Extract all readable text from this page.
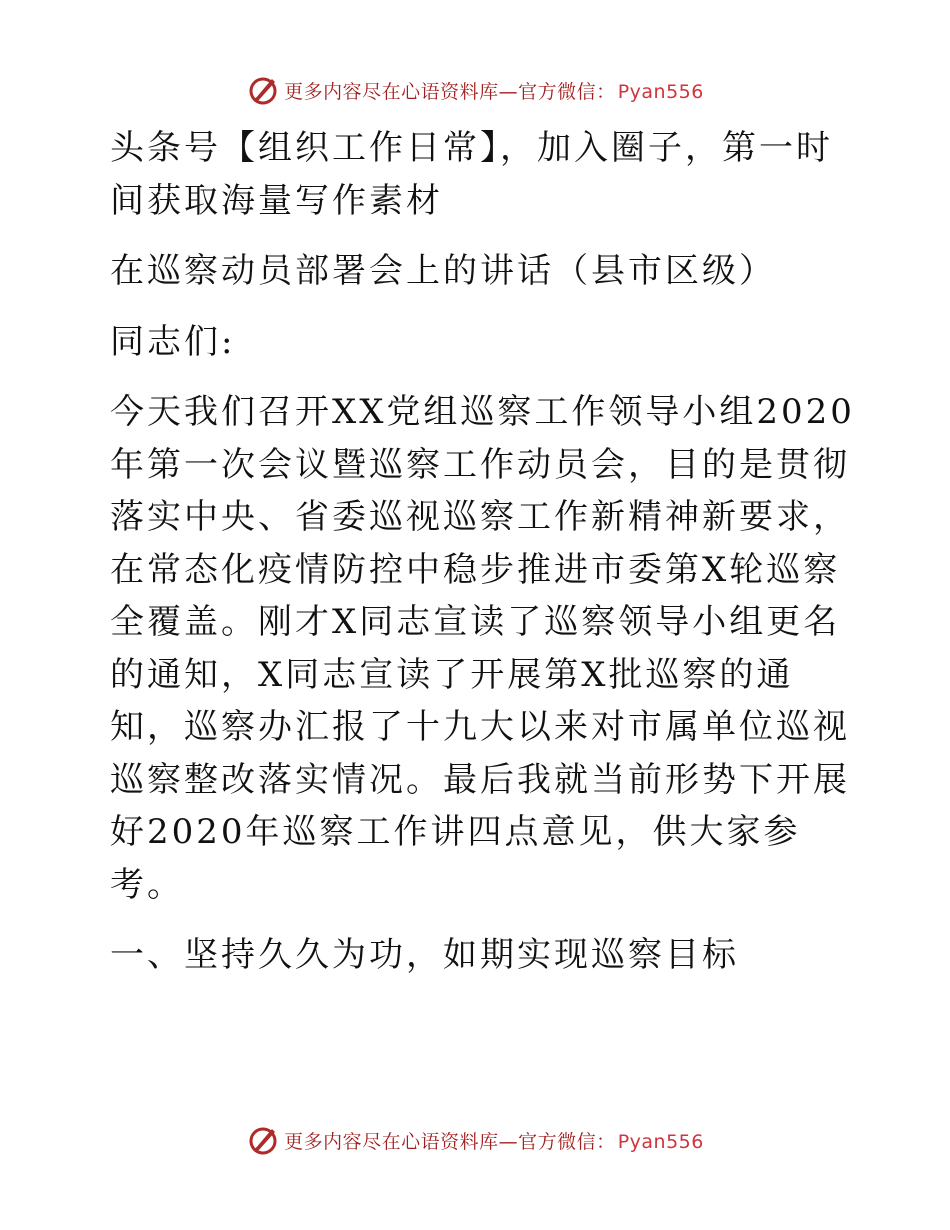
更多内容尽在心语资料库—官方微信： Pyan556

头条号【组织工作日常】，加入圈子，第一时间获取海量写作素材

在巡察动员部署会上的讲话（县市区级）

同志们:

今天我们召开XX党组巡察工作领导小组2020年第一次会议暨巡察工作动员会，目的是贯彻落实中央、省委巡视巡察工作新精神新要求，在常态化疫情防控中稳步推进市委第X轮巡察全覆盖。刚才X同志宣读了巡察领导小组更名的通知，X同志宣读了开展第X批巡察的通知，巡察办汇报了十九大以来对市属单位巡视巡察整改落实情况。最后我就当前形势下开展好2020年巡察工作讲四点意见，供大家参考。

一、坚持久久为功，如期实现巡察目标

更多内容尽在心语资料库—官方微信： Pyan556
